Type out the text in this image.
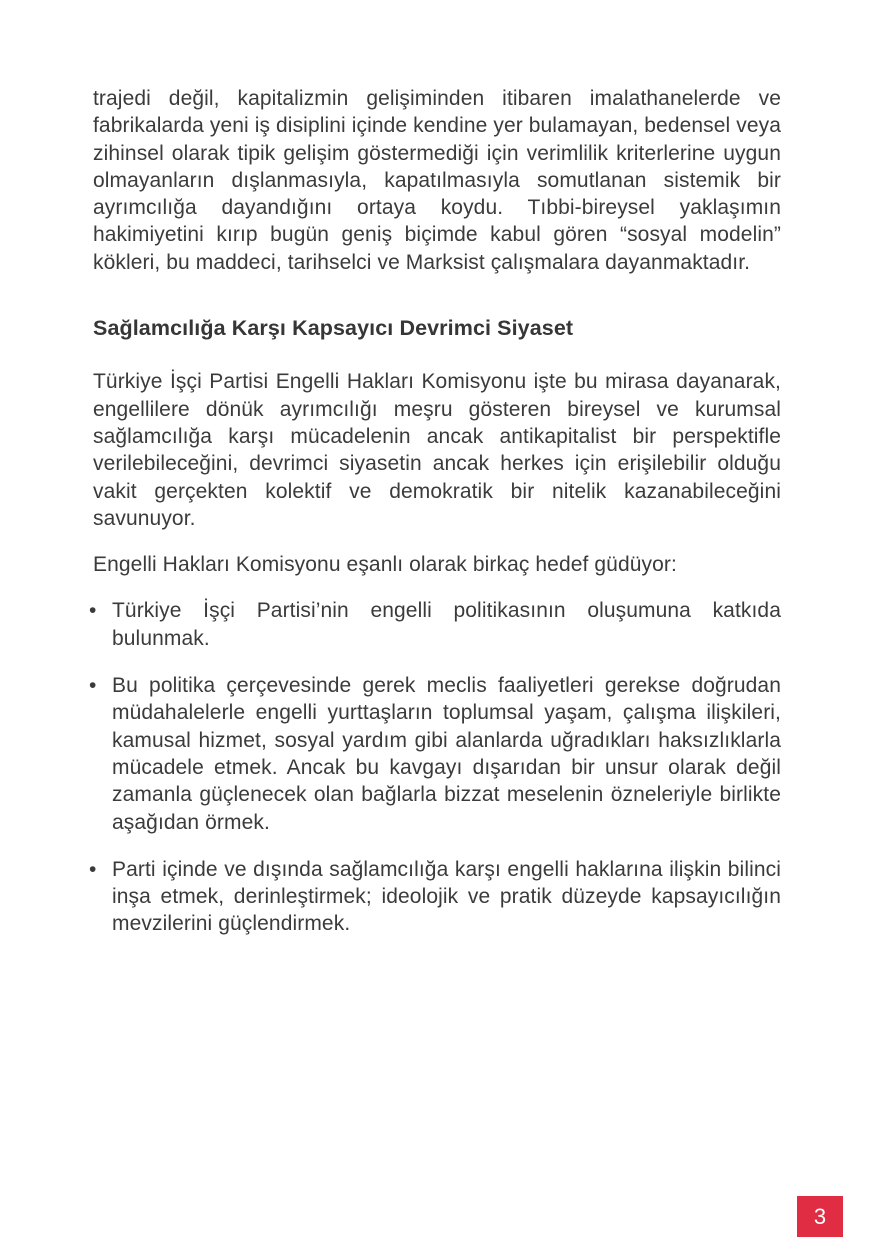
trajedi değil, kapitalizmin gelişiminden itibaren imalathanelerde ve fabrikalarda yeni iş disiplini içinde kendine yer bulamayan, bedensel veya zihinsel olarak tipik gelişim göstermediği için verimlilik kriterlerine uygun olmayanların dışlanmasıyla, kapatılmasıyla somutlanan sistemik bir ayrımcılığa dayandığını ortaya koydu. Tıbbi-bireysel yaklaşımın hakimiyetini kırıp bugün geniş biçimde kabul gören “sosyal modelin” kökleri, bu maddeci, tarihselci ve Marksist çalışmalara dayanmaktadır.

Sağlamcılığa Karşı Kapsayıcı Devrimci Siyaset

Türkiye İşçi Partisi Engelli Hakları Komisyonu işte bu mirasa dayanarak, engellilere dönük ayrımcılığı meşru gösteren bireysel ve kurumsal sağlamcılığa karşı mücadelenin ancak antikapitalist bir perspektifle verilebileceğini, devrimci siyasetin ancak herkes için erişilebilir olduğu vakit gerçekten kolektif ve demokratik bir nitelik kazanabileceğini savunuyor.

Engelli Hakları Komisyonu eşanlı olarak birkaç hedef güdüyor:

• Türkiye İşçi Partisi’nin engelli politikasının oluşumuna katkıda bulunmak.
• Bu politika çerçevesinde gerek meclis faaliyetleri gerekse doğrudan müdahalelerle engelli yurttaşların toplumsal yaşam, çalışma ilişkileri, kamusal hizmet, sosyal yardım gibi alanlarda uğradıkları haksızlıklarla mücadele etmek. Ancak bu kavgayı dışarıdan bir unsur olarak değil zamanla güçlenecek olan bağlarla bizzat meselenin özneleriyle birlikte aşağıdan örmek.
• Parti içinde ve dışında sağlamcılığa karşı engelli haklarına ilişkin bilinci inşa etmek, derinleştirmek; ideolojik ve pratik düzeyde kapsayıcılığın mevzilerini güçlendirmek.
3
